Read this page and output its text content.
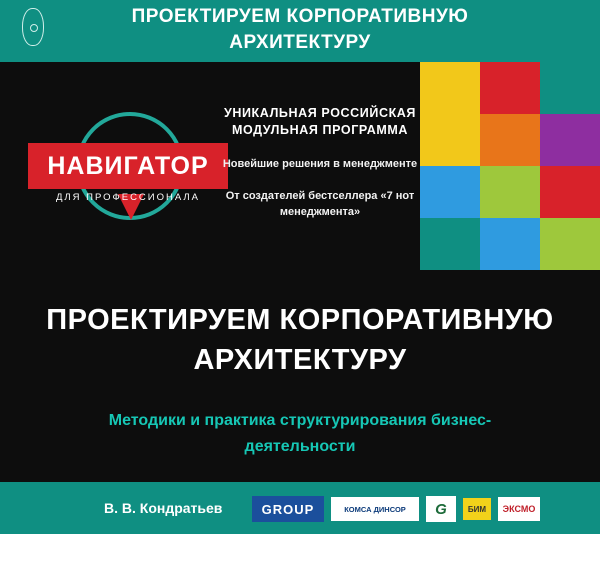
ПРОЕКТИРУЕМ КОРПОРАТИВНУЮ АРХИТЕКТУРУ
НАВИГАТОР
ДЛЯ ПРОФЕССИОНАЛА
УНИКАЛЬНАЯ РОССИЙСКАЯ МОДУЛЬНАЯ ПРОГРАММА
Новейшие решения в менеджменте
От создателей бестселлера «7 нот менеджмента»
ПРОЕКТИРУЕМ КОРПОРАТИВНУЮ АРХИТЕКТУРУ
Методики и практика структурирования бизнес-деятельности
В. В. Кондратьев	GROUP	КОМСА ДИНСОР	G	БИМ	ЭКСМО
